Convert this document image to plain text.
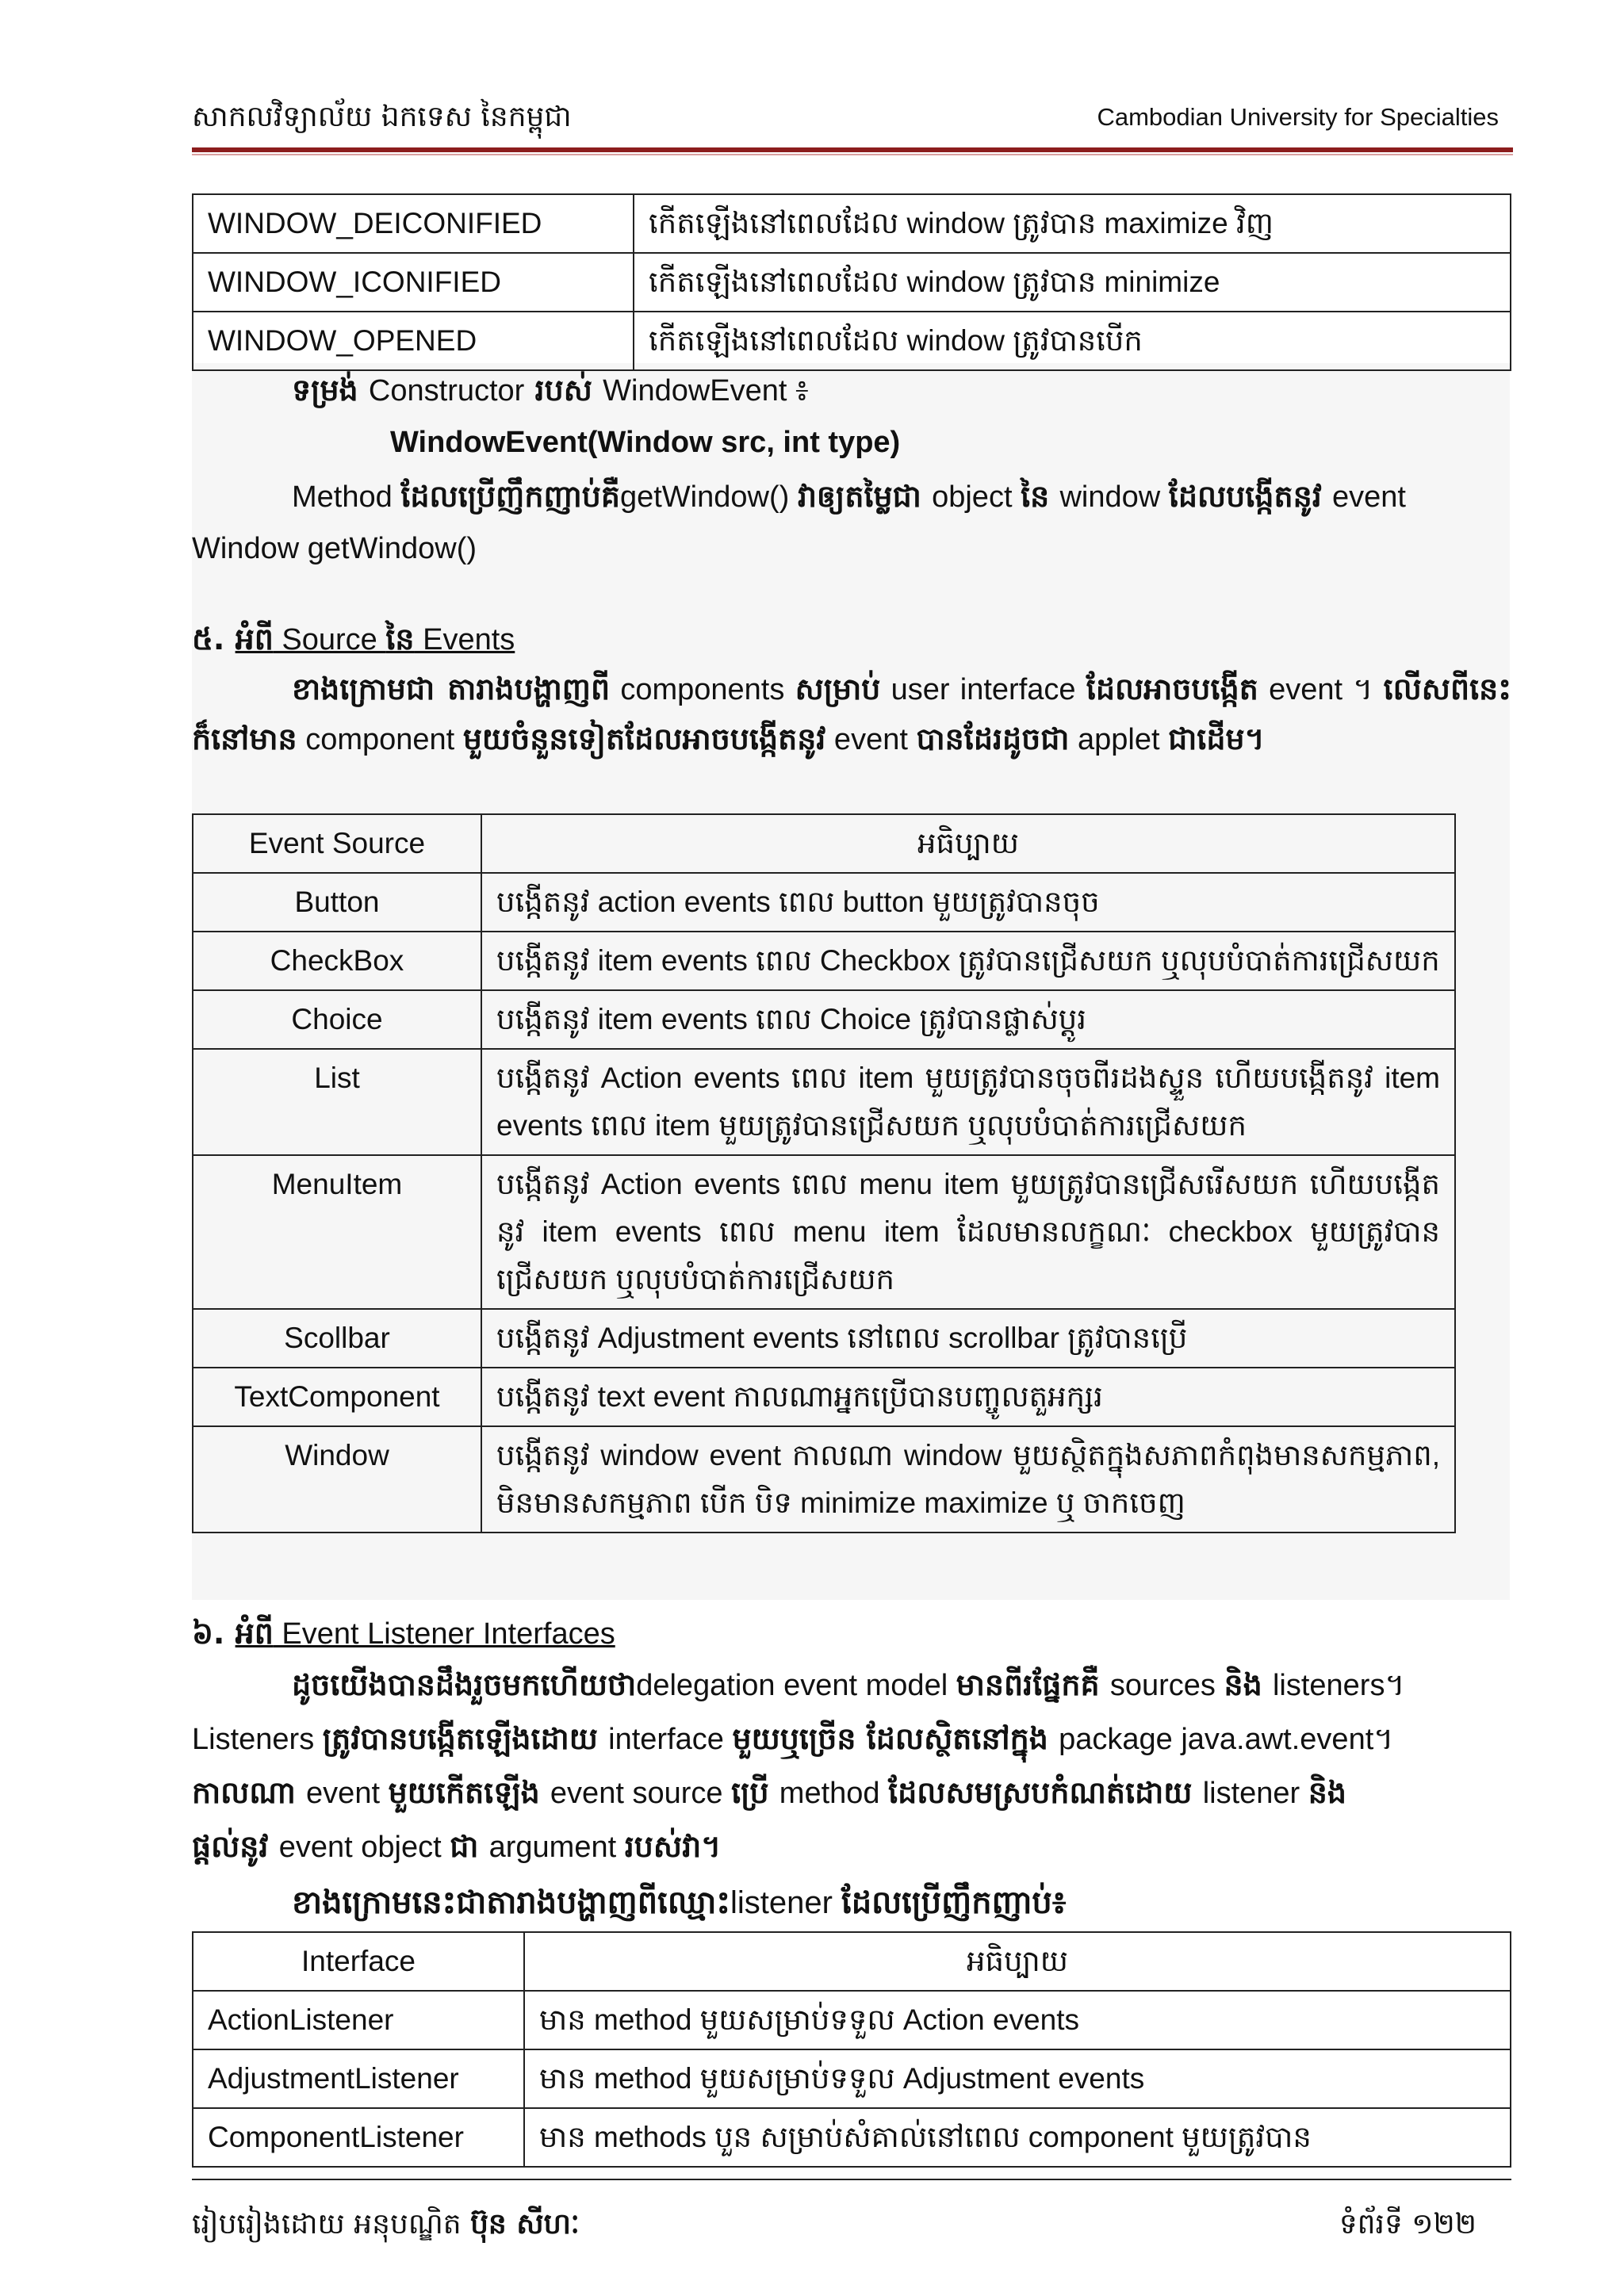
សាកលវិទ្យាល័យ ឯកទេស នៃកម្ពុជា	Cambodian University for Specialties
WINDOW_DEICONIFIED	កើតឡើងនៅពេលដែល window ត្រូវបាន maximize វិញ
WINDOW_ICONIFIED	កើតឡើងនៅពេលដែល window ត្រូវបាន minimize
WINDOW_OPENED	កើតឡើងនៅពេលដែល window ត្រូវបានបើក
ទម្រង់ Constructor របស់ WindowEvent ៖
WindowEvent(Window src, int type)
Method ដែលប្រើញឹកញាប់គឺgetWindow() វាឲ្យតម្លៃជា object នៃ window ដែលបង្កើតនូវ event
Window getWindow()
៥. អំពី Source នៃ Events
ខាងក្រោមជា តារាងបង្ហាញពី components សម្រាប់ user interface ដែលអាចបង្កើត event ។ លើសពីនេះ ក៏នៅមាន component មួយចំនួនទៀតដែលអាចបង្កើតនូវ event បានដែរដូចជា applet ជាដើម។
Event Source	អធិប្បាយ
Button	បង្កើតនូវ action events ពេល button មួយត្រូវបានចុច
CheckBox	បង្កើតនូវ item events ពេល Checkbox ត្រូវបានជ្រើសយក ឬលុបបំបាត់ការជ្រើសយក
Choice	បង្កើតនូវ item events ពេល Choice ត្រូវបានផ្លាស់ប្តូរ
List	បង្កើតនូវ Action events ពេល item មួយត្រូវបានចុចពីរដងស្ទួន ហើយបង្កើតនូវ item events ពេល item មួយត្រូវបានជ្រើសយក ឬលុបបំបាត់ការជ្រើសយក
MenuItem	បង្កើតនូវ Action events ពេល menu item មួយត្រូវបានជ្រើសរើសយក ហើយបង្កើតនូវ item events ពេល menu item ដែលមានលក្ខណៈ checkbox មួយត្រូវបានជ្រើសយក ឬលុបបំបាត់ការជ្រើសយក
Scollbar	បង្កើតនូវ Adjustment events នៅពេល scrollbar ត្រូវបានប្រើ
TextComponent	បង្កើតនូវ text event កាលណាអ្នកប្រើបានបញ្ចូលតួអក្សរ
Window	បង្កើតនូវ window event កាលណា window មួយស្ថិតក្នុងសភាពកំពុងមានសកម្មភាព, មិនមានសកម្មភាព បើក បិទ minimize maximize ឬ ចាកចេញ
៦. អំពី Event Listener Interfaces
ដូចយើងបានដឹងរួចមកហើយថាdelegation event model មានពីរផ្នែកគឺ sources និង listeners។
Listeners ត្រូវបានបង្កើតឡើងដោយ interface មួយឬច្រើន ដែលស្ថិតនៅក្នុង package java.awt.event។
កាលណា event មួយកើតឡើង event source ប្រើ method ដែលសមស្របកំណត់ដោយ listener និង
ផ្តល់នូវ event object ជា argument របស់វា។
ខាងក្រោមនេះជាតារាងបង្ហាញពីឈ្មោះlistener ដែលប្រើញឹកញាប់៖
Interface	អធិប្បាយ
ActionListener	មាន method មួយសម្រាប់ទទួល Action events
AdjustmentListener	មាន method មួយសម្រាប់ទទួល Adjustment events
ComponentListener	មាន methods បួន សម្រាប់សំគាល់នៅពេល component មួយត្រូវបាន
រៀបរៀងដោយ អនុបណ្ឌិត ប៊ុន សីហៈ	ទំព័រទី ១២២
